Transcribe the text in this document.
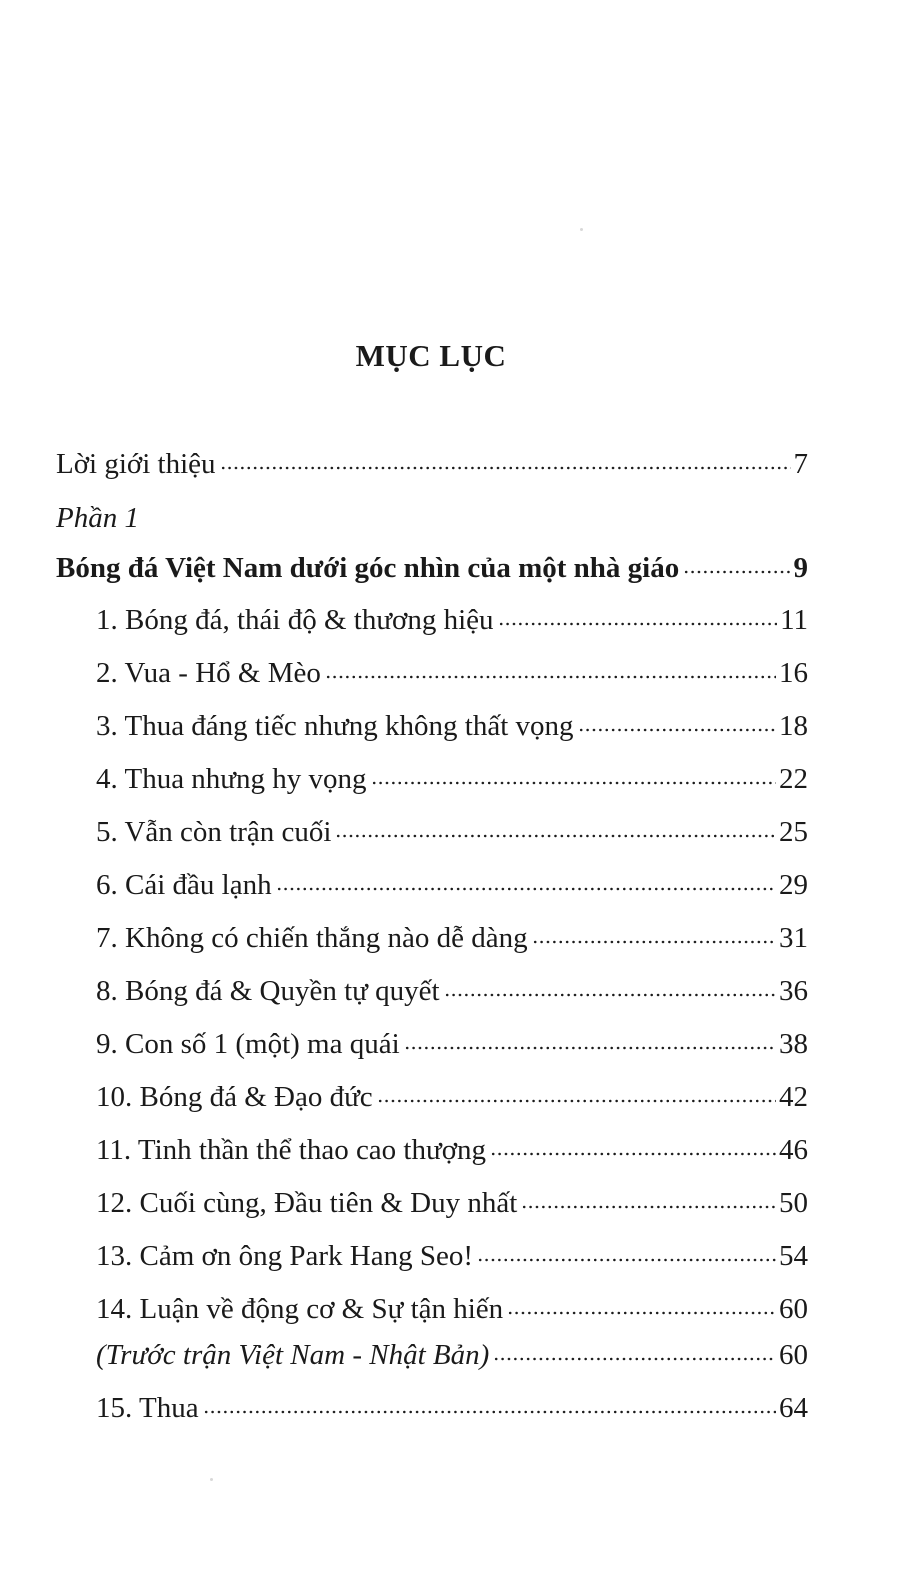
MỤC LỤC
Lời giới thiệu	7
Phần 1
Bóng đá Việt Nam dưới góc nhìn của một nhà giáo	9
1. Bóng đá, thái độ & thương hiệu	11
2. Vua - Hổ & Mèo	16
3. Thua đáng tiếc nhưng không thất vọng	18
4. Thua nhưng hy vọng	22
5. Vẫn còn trận cuối	25
6. Cái đầu lạnh	29
7. Không có chiến thắng nào dễ dàng	31
8. Bóng đá & Quyền tự quyết	36
9. Con số 1 (một) ma quái	38
10. Bóng đá & Đạo đức	42
11. Tinh thần thể thao cao thượng	46
12. Cuối cùng, Đầu tiên & Duy nhất	50
13. Cảm ơn ông Park Hang Seo!	54
14. Luận về động cơ & Sự tận hiến	60
(Trước trận Việt Nam - Nhật Bản)	60
15. Thua	64
